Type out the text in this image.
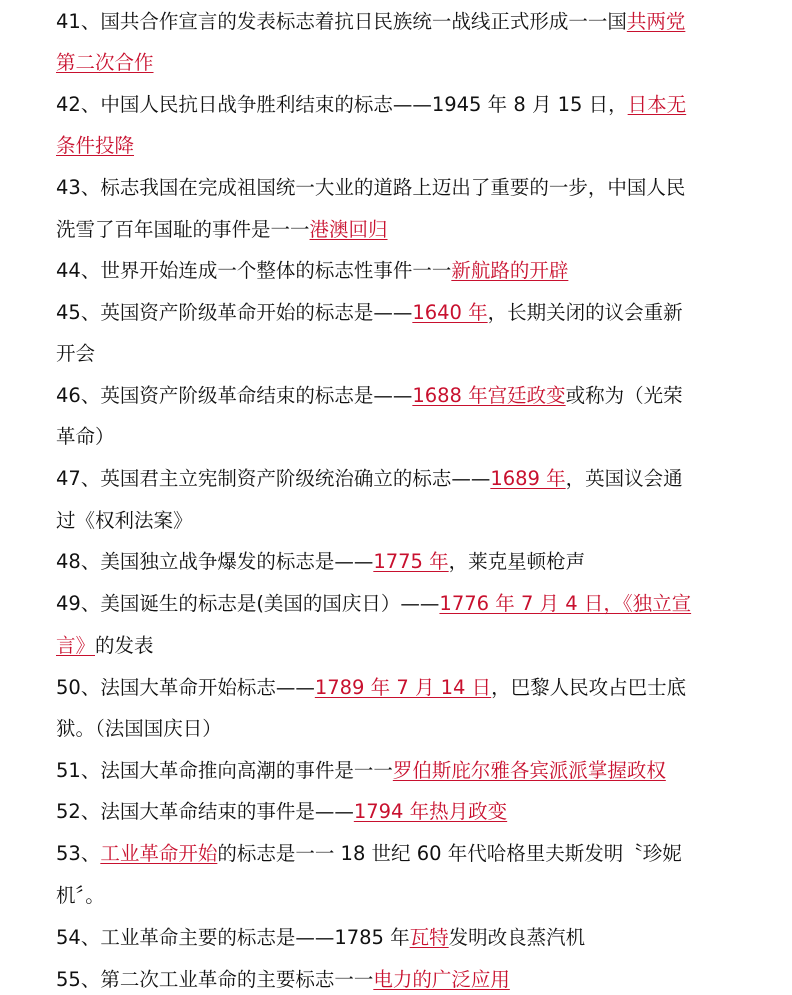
41、国共合作宣言的发表标志着抗日民族统一战线正式形成一一国共两党
第二次合作
42、中国人民抗日战争胜利结束的标志——1945 年 8 月 15 日，日本无
条件投降
43、标志我国在完成祖国统一大业的道路上迈出了重要的一步，中国人民
洗雪了百年国耻的事件是一一港澳回归
44、世界开始连成一个整体的标志性事件一一新航路的开辟
45、英国资产阶级革命开始的标志是——1640 年，长期关闭的议会重新
开会
46、英国资产阶级革命结束的标志是——1688 年宫廷政变或称为（光荣
革命）
47、英国君主立宪制资产阶级统治确立的标志——1689 年，英国议会通
过《权利法案》
48、美国独立战争爆发的标志是——1775 年，莱克星顿枪声
49、美国诞生的标志是(美国的国庆日）——1776 年 7 月 4 日，《独立宣
言》的发表
50、法国大革命开始标志——1789 年 7 月 14 日，巴黎人民攻占巴士底
狱。（法国国庆日）
51、法国大革命推向高潮的事件是一一罗伯斯庇尔雅各宾派派掌握政权
52、法国大革命结束的事件是——1794 年热月政变
53、工业革命开始的标志是一一 18 世纪 60 年代哈格里夫斯发明〝珍妮
机〞。
54、工业革命主要的标志是——1785 年瓦特发明改良蒸汽机
55、第二次工业革命的主要标志一一电力的广泛应用
